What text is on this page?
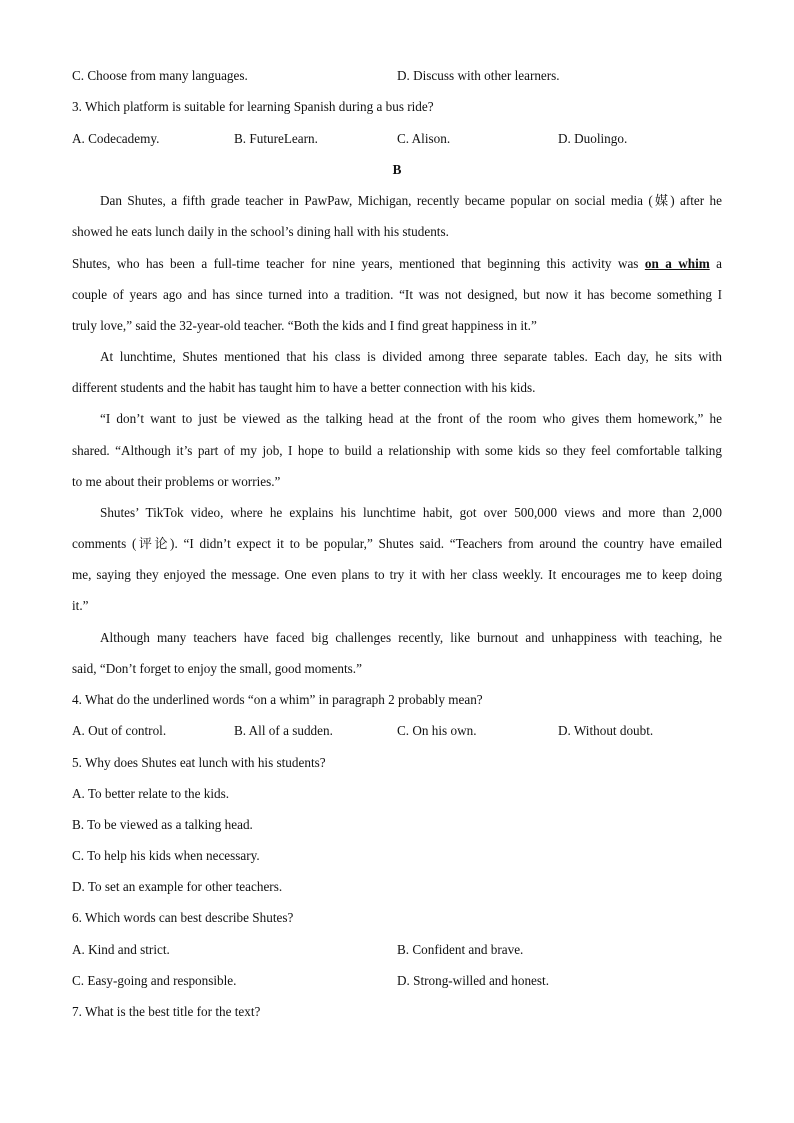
C. Choose from many languages.	D. Discuss with other learners.
3. Which platform is suitable for learning Spanish during a bus ride?
A. Codecademy.	B. FutureLearn.	C. Alison.	D. Duolingo.
B
Dan Shutes, a fifth grade teacher in PawPaw, Michigan, recently became popular on social media (媒) after he
showed he eats lunch daily in the school’s dining hall with his students.
Shutes, who has been a full-time teacher for nine years, mentioned that beginning this activity was on a whim a
couple of years ago and has since turned into a tradition. “It was not designed, but now it has become something I
truly love,” said the 32-year-old teacher. “Both the kids and I find great happiness in it.”
At lunchtime, Shutes mentioned that his class is divided among three separate tables. Each day, he sits with
different students and the habit has taught him to have a better connection with his kids.
“I don’t want to just be viewed as the talking head at the front of the room who gives them homework,” he
shared. “Although it’s part of my job, I hope to build a relationship with some kids so they feel comfortable talking
to me about their problems or worries.”
Shutes’ TikTok video, where he explains his lunchtime habit, got over 500,000 views and more than 2,000
comments (评论). “I didn’t expect it to be popular,” Shutes said. “Teachers from around the country have emailed
me, saying they enjoyed the message. One even plans to try it with her class weekly. It encourages me to keep doing
it.”
Although many teachers have faced big challenges recently, like burnout and unhappiness with teaching, he
said, “Don’t forget to enjoy the small, good moments.”
4. What do the underlined words “on a whim” in paragraph 2 probably mean?
A. Out of control.	B. All of a sudden.	C. On his own.	D. Without doubt.
5. Why does Shutes eat lunch with his students?
A. To better relate to the kids.
B. To be viewed as a talking head.
C. To help his kids when necessary.
D. To set an example for other teachers.
6. Which words can best describe Shutes?
A. Kind and strict.	B. Confident and brave.
C. Easy-going and responsible.	D. Strong-willed and honest.
7. What is the best title for the text?
